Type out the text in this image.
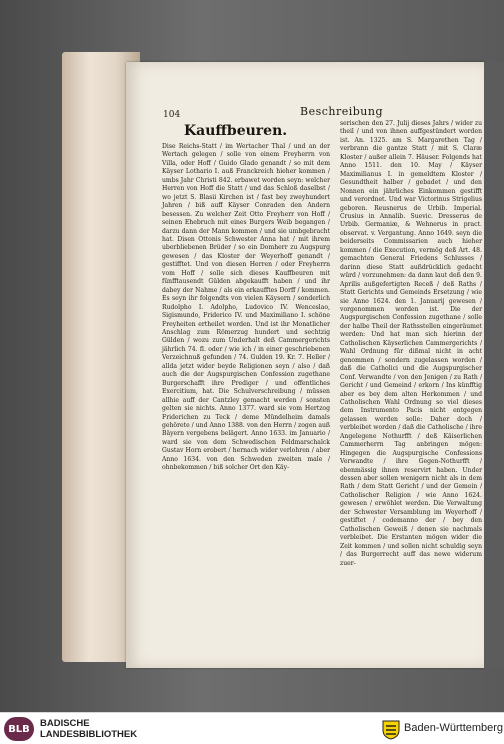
104	Beschreibung
Kauffbeuren.
Dise Reichs-Statt / im Wertacher Thal / und an der Wertach gelegen / solle von einem Freyherrn von Villa, oder Hoff / Guido Glado genandt / so mit dem Käyser Lothario I. auß Franckreich hieher kommen / umbs Jahr Christi 842. erbawet worden seyn: welcher Herren von Hoff die Statt / und das Schloß daselbst / wo jetzt S. Blasii Kirchen ist / fast bey zweyhundert Jahren / biß auff Käyser Conraden den Andern besessen. Zu welcher Zeit Otto Freyherr von Hoff / seinen Ehebruch mit eines Burgers Weib begangen / darzu dann der Mann kommen / und sie umbgebracht hat. Disen Ottonis Schwester Anna hat / mit ihrem uberbliebenen Brüder / so ein Domherr zu Augspurg gewesen / das Kloster der Weyerhoff genandt / gestifftet. Und von diesen Herren / oder Freyherrn vom Hoff / solle sich dieses Kauffbeuren mit fünfftausendt Gülden abgekaufft haben / und ihr dabey der Nahme / als ein erkaufftes Dorff / kommen. Es seyn ihr folgendts von vielen Käysern / sonderlich Rudolpho I. Adolpho, Ludovico IV. Wenceslao, Sigismundo, Friderico IV. und Maximiliano I. schöne Freyheiten ertheilet worden. Und ist ihr Monatlicher Anschlag zum Römerzug hundert und sechtzig Gülden / wozu zum Underhalt deß Cammergerichts jährlich 74. fl. oder / wie ich / in einer geschriebenen Verzeichnuß gefunden / 74. Gulden 19. Kr. 7. Heller / allda jetzt wider beyde Religionen seyn / also / daß auch die der Augspurgischen Confession zugethane Burgerschafft ihre Prediger / und offentliches Exercitium, hat. Die Schulverschreibung / müssen allhie auff der Cantzley gemacht werden / sonsten gelten sie nichts. Anno 1377. ward sie vom Hertzog Friderichen zu Teck / deme Mündelheim damals gehörete / und Anno 1388. von den Herrn / zogen auß Bäyern vergebens belägert. Anno 1633. im Januario / ward sie von dem Schwedischen Feldmarschalck Gustav Horn erobert / hernach wider verlohren / aber Anno 1634. von den Schweden zweiten male / ohnbekommen / biß solcher Ort den Käy-
serischen den 27. Julij dieses Jahrs / wider zu theil / und von ihnen auffgestündert worden ist. An. 1325. am S. Margarethen Tag / verbrann die gantze Statt / mit S. Claræ Kloster / außer allein 7. Häuser. Folgends hat Anno 1511. den 10. May / Käyser Maximilianus I. in gemeldtem Kloster / Gesundtheit halber / gebadet / und den Nonnen ein jährliches Einkommen gestifft und verordnet. Und war Victorinus Strigelius geboren. Reusnerus de Urbib. Imperial. Crusius in Annalib. Suevic. Dresserus de Urbib. Germaniæ, & Wehnerus in pract. observat. v. Vergantung. Anno 1649. seyn die beiderseits Commissarien auch hieher kommen / die Execution, vermög deß Art. 48. gemachten General Friedens Schlusses / darinn diese Statt außdrücklich gedacht würd / vorzunehmen: da dann laut deß den 9. Aprilis außgefertigten Receß / deß Raths / Statt Gerichts und Gemeinds Ersetzung / wie sie Anno 1624. den 1. Januarij gewesen / vorgenommen worden ist. Die der Augspurgischen Confession zugethane / solle der halbe Theil der Rathsstellen eingeräumet werden: Und hat man sich hierinn der Catholischen Käyserlichen Cammergerichts / Wahl Ordnung für dißmal nicht in acht genommen / sondern zugelassen worden / daß die Catholici und die Augspurgischer Conf. Verwandte / von den Jenigen / zu Rath / Gericht / und Gemeind / erkorn / Ins künfftig aber es bey dem alten Herkommen / und Catholischen Wahl Ordnung so viel dieses dem Instrumento Pacis nicht entgegen gelassen werden solle: Daher doch / verbleibet worden / daß die Catholische / ihre Angelegene Nothurfft / deß Käiserlichen Cammerherrn Tag anbringen mögen: Hingegen die Augspurgische Confessions Verwandte / ihre Gegen-Nothurfft / ebenmässig ihnen reservirt haben. Under dessen aber sollen wenigern nicht als in dem Rath / dem Statt Gericht / und der Gemein / Catholischer Religion / wie Anno 1624. gewesen / erwöhlet werden. Die Verwaltung der Schwester Versamblung im Weyerhoff / gestiftet / codemanno der / bey den Catholischen Geweiß / denen sie nachmals verbleibet. Die Erstanten mögen wider die Zeit kommen / und sollen nicht schuldig seyn / das Burgerrecht auff das newe widerum zuer-
BLB	BADISCHE
LANDESBIBLIOTHEK
Baden-Württemberg
